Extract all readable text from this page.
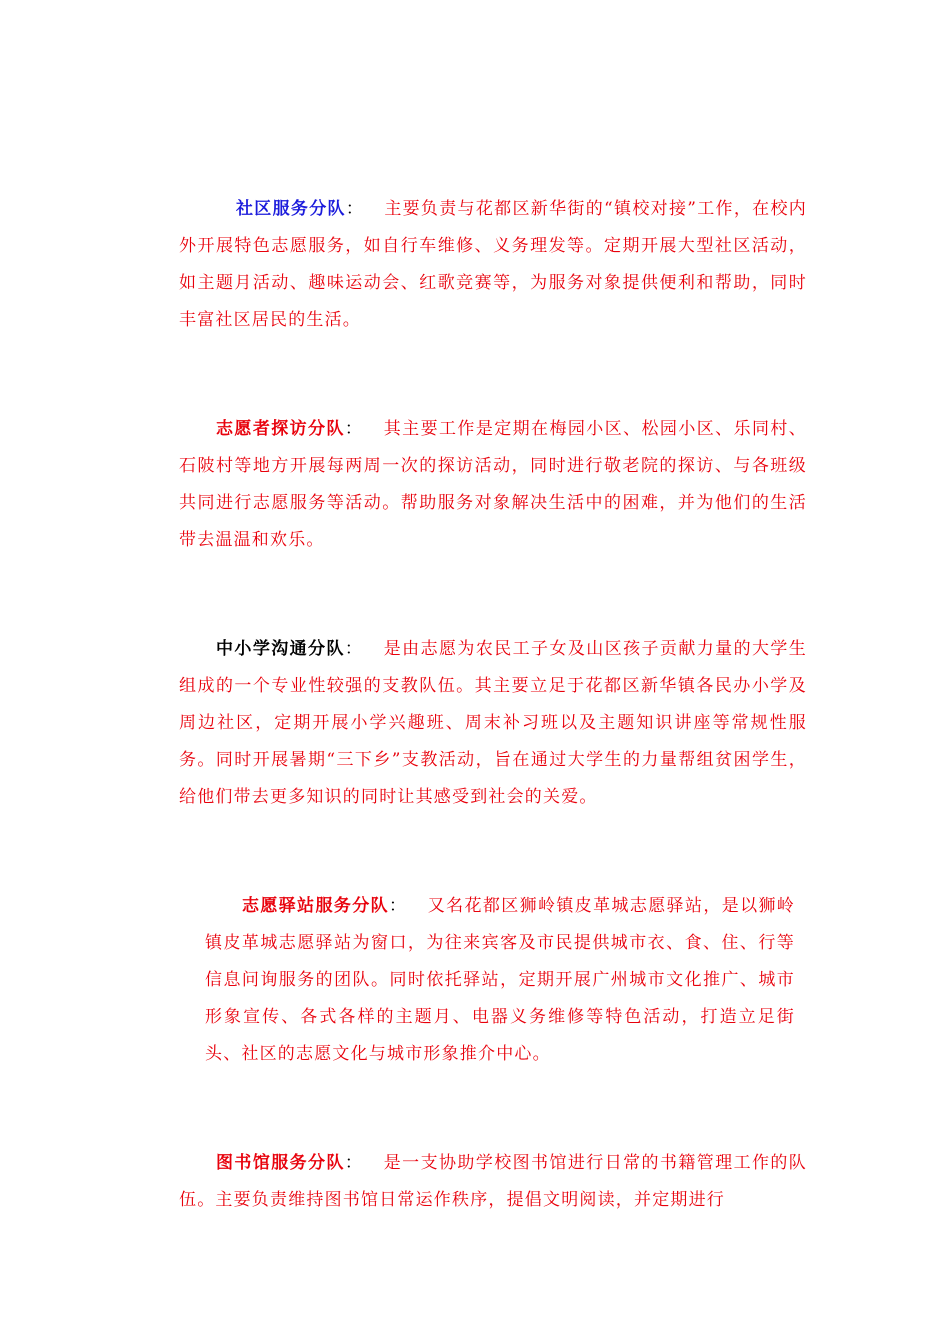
社区服务分队： 主要负责与花都区新华街的“镇校对接”工作，在校内外开展特色志愿服务，如自行车维修、义务理发等。定期开展大型社区活动，如主题月活动、趣味运动会、红歌竞赛等，为服务对象提供便利和帮助，同时丰富社区居民的生活。

志愿者探访分队： 其主要工作是定期在梅园小区、松园小区、乐同村、石陂村等地方开展每两周一次的探访活动，同时进行敬老院的探访、与各班级共同进行志愿服务等活动。帮助服务对象解决生活中的困难，并为他们的生活带去温温和欢乐。

中小学沟通分队： 是由志愿为农民工子女及山区孩子贡献力量的大学生组成的一个专业性较强的支教队伍。其主要立足于花都区新华镇各民办小学及周边社区，定期开展小学兴趣班、周末补习班以及主题知识讲座等常规性服务。同时开展暑期“三下乡”支教活动，旨在通过大学生的力量帮组贫困学生，给他们带去更多知识的同时让其感受到社会的关爱。

志愿驿站服务分队： 又名花都区狮岭镇皮革城志愿驿站，是以狮岭镇皮革城志愿驿站为窗口，为往来宾客及市民提供城市衣、食、住、行等信息问询服务的团队。同时依托驿站，定期开展广州城市文化推广、城市形象宣传、各式各样的主题月、电器义务维修等特色活动，打造立足街头、社区的志愿文化与城市形象推介中心。

图书馆服务分队： 是一支协助学校图书馆进行日常的书籍管理工作的队伍。主要负责维持图书馆日常运作秩序，提倡文明阅读，并定期进行
